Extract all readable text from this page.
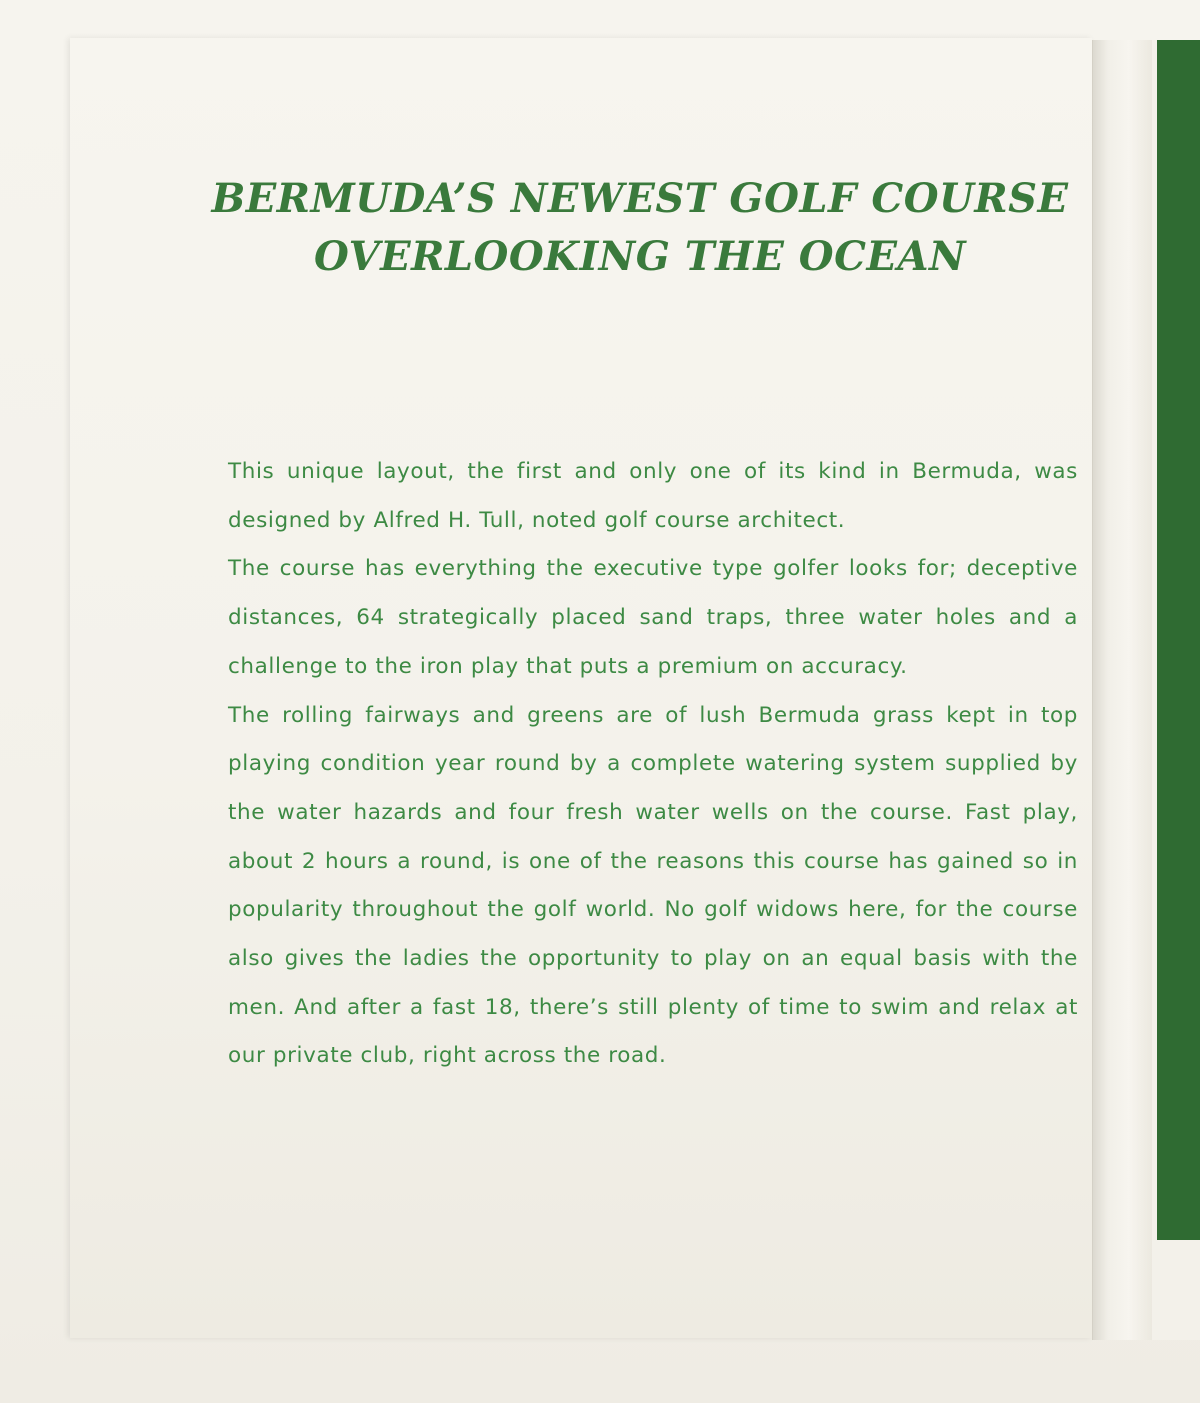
BERMUDA’S NEWEST GOLF COURSE
OVERLOOKING THE OCEAN

This unique layout, the first and only one of its kind in Bermuda, was designed by Alfred H. Tull, noted golf course architect.

The course has everything the executive type golfer looks for; deceptive distances, 64 strategically placed sand traps, three water holes and a challenge to the iron play that puts a premium on accuracy.

The rolling fairways and greens are of lush Bermuda grass kept in top playing condition year round by a complete watering system supplied by the water hazards and four fresh water wells on the course. Fast play, about 2 hours a round, is one of the reasons this course has gained so in popularity throughout the golf world. No golf widows here, for the course also gives the ladies the opportunity to play on an equal basis with the men. And after a fast 18, there’s still plenty of time to swim and relax at our private club, right across the road.
